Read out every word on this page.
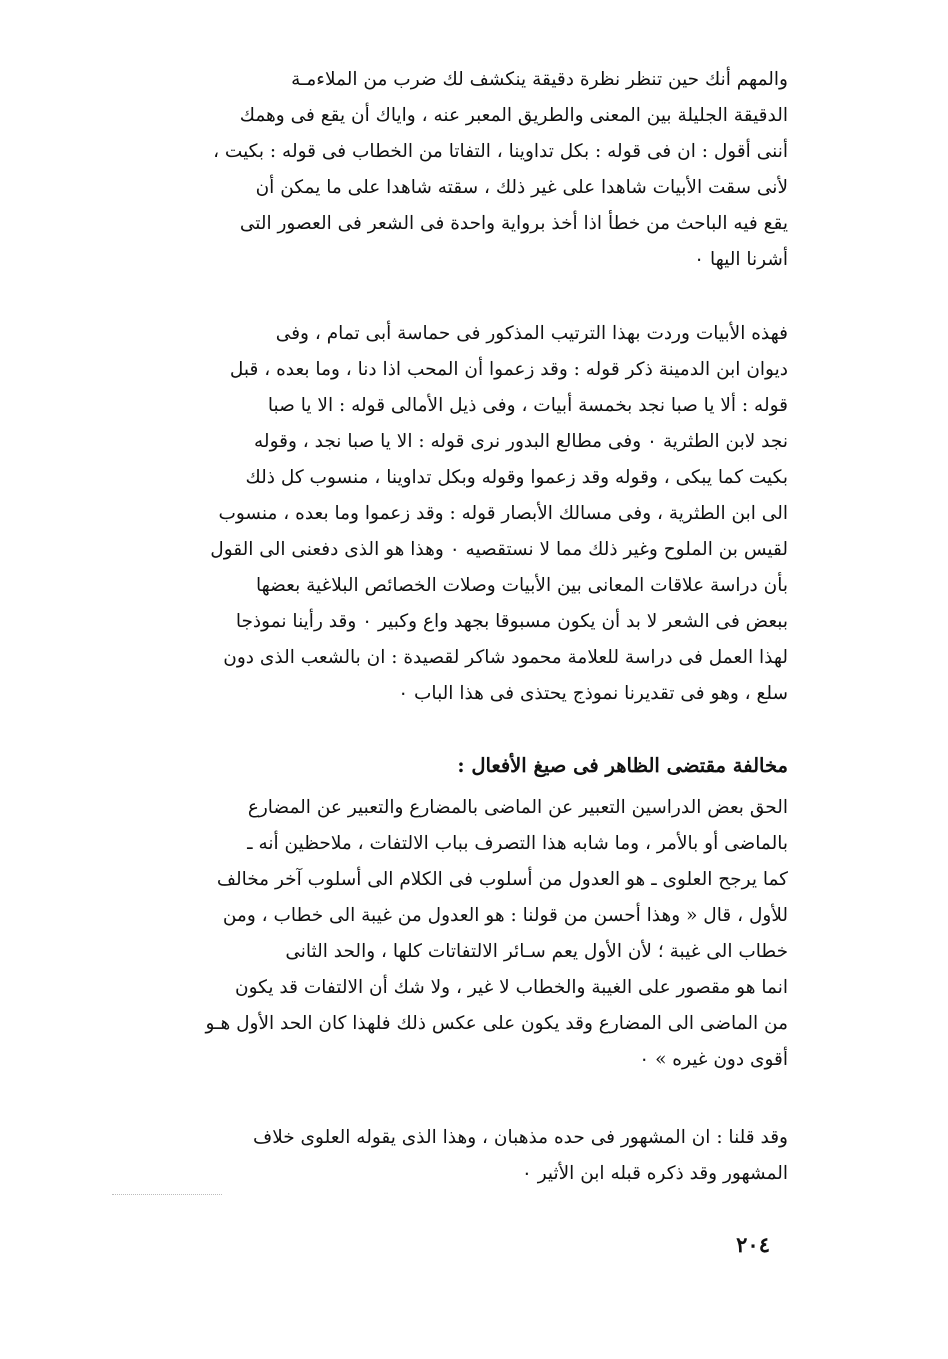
والمهم أنك حين تنظر نظرة دقيقة ينكشف لك ضرب من الملاءمـة
الدقيقة الجليلة بين المعنى والطريق المعبر عنه ، واياك أن يقع فى وهمك
أننى أقول : ان فى قوله : بكل تداوينا ، التفاتا من الخطاب فى قوله : بكيت ،
لأنى سقت الأبيات شاهدا على غير ذلك ، سقته شاهدا على ما يمكن أن
يقع فيه الباحث من خطأ اذا أخذ برواية واحدة فى الشعر فى العصور التى
أشرنا اليها ٠

فهذه الأبيات وردت بهذا الترتيب المذكور فى حماسة أبى تمام ، وفى
ديوان ابن الدمينة ذكر قوله : وقد زعموا أن المحب اذا دنا ، وما بعده ، قبل
قوله : ألا يا صبا نجد بخمسة أبيات ، وفى ذيل الأمالى قوله : الا يا صبا
نجد لابن الطثرية ٠ وفى مطالع البدور نرى قوله : الا يا صبا نجد ، وقوله
بكيت كما يبكى ، وقوله وقد زعموا وقوله وبكل تداوينا ، منسوب كل ذلك
الى ابن الطثرية ، وفى مسالك الأبصار قوله : وقد زعموا وما بعده ، منسوب
لقيس بن الملوح وغير ذلك مما لا نستقصيه ٠ وهذا هو الذى دفعنى الى القول
بأن دراسة علاقات المعانى بين الأبيات وصلات الخصائص البلاغية بعضها
ببعض فى الشعر لا بد أن يكون مسبوقا بجهد واع وكبير ٠ وقد رأينا نموذجا
لهذا العمل فى دراسة للعلامة محمود شاكر لقصيدة : ان بالشعب الذى دون
سلع ، وهو فى تقديرنا نموذج يحتذى فى هذا الباب ٠

مخالفة مقتضى الظاهر فى صيغ الأفعال :

الحق بعض الدراسين التعبير عن الماضى بالمضارع والتعبير عن المضارع
بالماضى أو بالأمر ، وما شابه هذا التصرف بباب الالتفات ، ملاحظين أنه ـ
كما يرجح العلوى ـ هو العدول من أسلوب فى الكلام الى أسلوب آخر مخالف
للأول ، قال « وهذا أحسن من قولنا : هو العدول من غيبة الى خطاب ، ومن
خطاب الى غيبة ؛ لأن الأول يعم سـائر الالتفاتات كلها ، والحد الثانى
انما هو مقصور على الغيبة والخطاب لا غير ، ولا شك أن الالتفات قد يكون
من الماضى الى المضارع وقد يكون على عكس ذلك فلهذا كان الحد الأول هـو
أقوى دون غيره » ٠

وقد قلنا : ان المشهور فى حده مذهبان ، وهذا الذى يقوله العلوى خلاف
المشهور وقد ذكره قبله ابن الأثير ٠

٢٠٤
